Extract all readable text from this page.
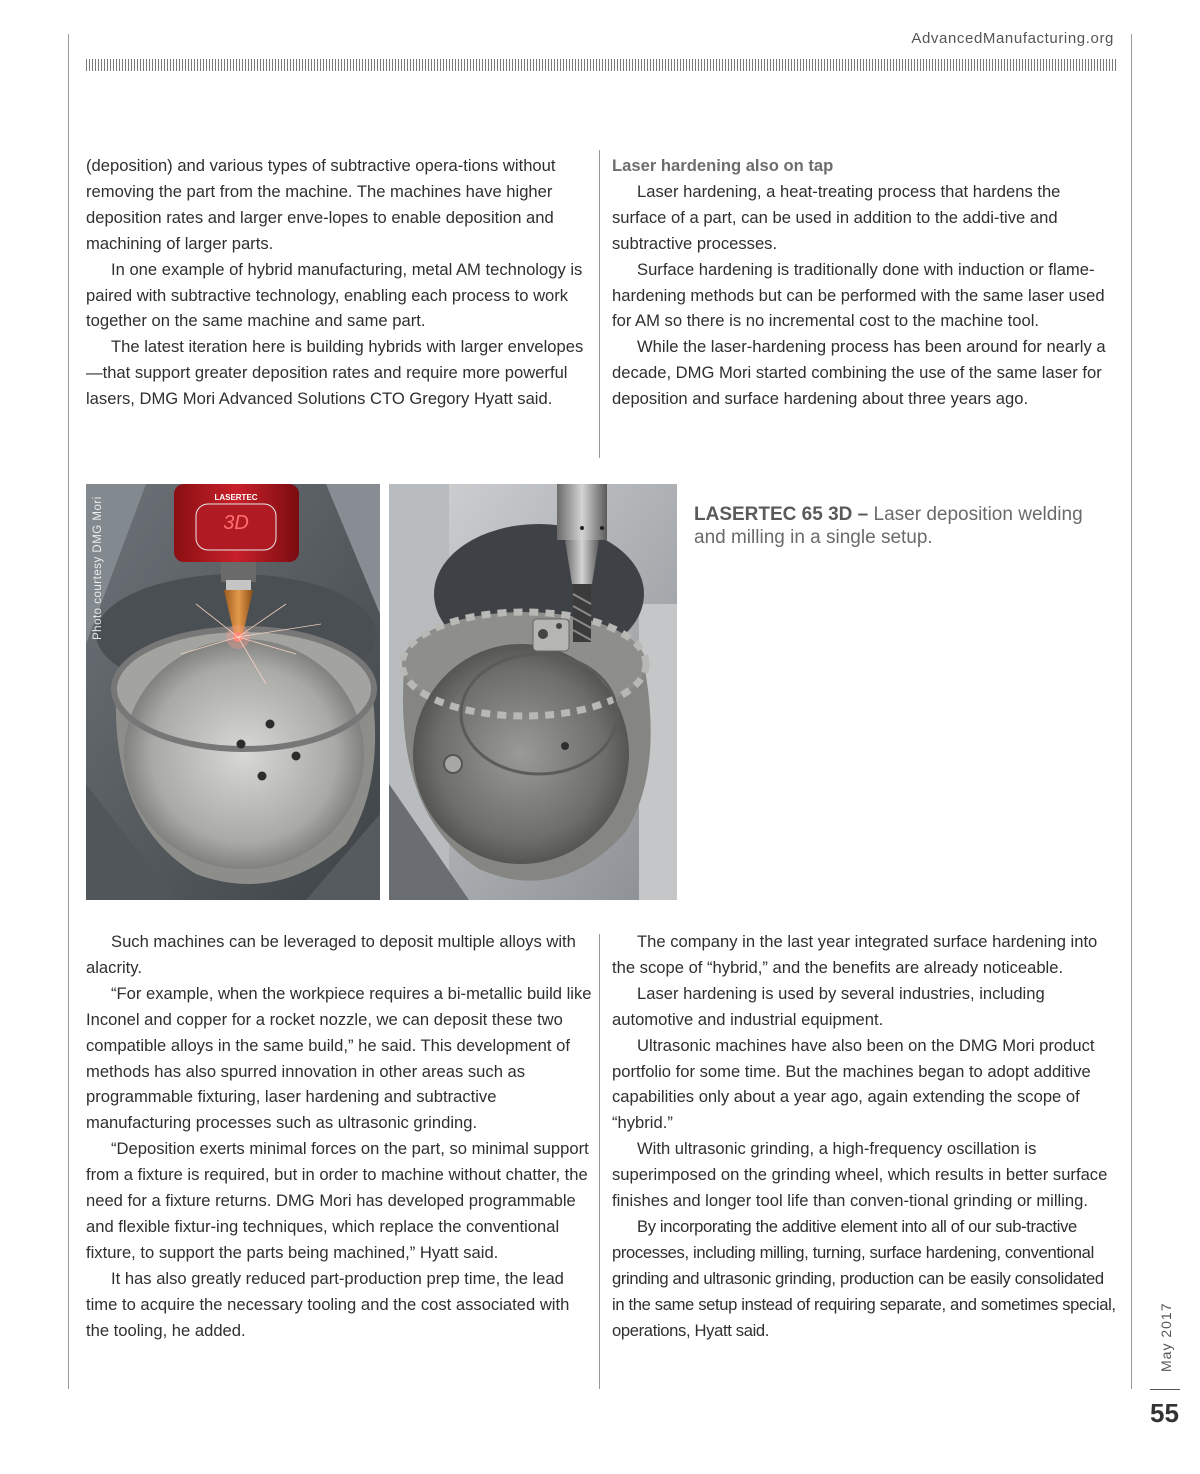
AdvancedManufacturing.org

(deposition) and various types of subtractive opera-tions without removing the part from the machine. The machines have higher deposition rates and larger enve-lopes to enable deposition and machining of larger parts.

In one example of hybrid manufacturing, metal AM technology is paired with subtractive technology, enabling each process to work together on the same machine and same part.

The latest iteration here is building hybrids with larger envelopes—that support greater deposition rates and require more powerful lasers, DMG Mori Advanced Solutions CTO Gregory Hyatt said.

Laser hardening also on tap

Laser hardening, a heat-treating process that hardens the surface of a part, can be used in addition to the addi-tive and subtractive processes.

Surface hardening is traditionally done with induction or flame-hardening methods but can be performed with the same laser used for AM so there is no incremental cost to the machine tool.

While the laser-hardening process has been around for nearly a decade, DMG Mori started combining the use of the same laser for deposition and surface hardening about three years ago.

LASERTEC
3D
Photo courtesy DMG Mori	LASERTEC 65 3D – Laser deposition welding and milling in a single setup.

Such machines can be leveraged to deposit multiple alloys with alacrity.

“For example, when the workpiece requires a bi-metallic build like Inconel and copper for a rocket nozzle, we can deposit these two compatible alloys in the same build,” he said. This development of methods has also spurred innovation in other areas such as programmable fixturing, laser hardening and subtractive manufacturing processes such as ultrasonic grinding.

“Deposition exerts minimal forces on the part, so minimal support from a fixture is required, but in order to machine without chatter, the need for a fixture returns. DMG Mori has developed programmable and flexible fixtur-ing techniques, which replace the conventional fixture, to support the parts being machined,” Hyatt said.

It has also greatly reduced part-production prep time, the lead time to acquire the necessary tooling and the cost associated with the tooling, he added.

The company in the last year integrated surface hardening into the scope of “hybrid,” and the benefits are already noticeable.

Laser hardening is used by several industries, including automotive and industrial equipment.

Ultrasonic machines have also been on the DMG Mori product portfolio for some time. But the machines began to adopt additive capabilities only about a year ago, again extending the scope of “hybrid.”

With ultrasonic grinding, a high-frequency oscillation is superimposed on the grinding wheel, which results in better surface finishes and longer tool life than conven-tional grinding or milling.

By incorporating the additive element into all of our sub-tractive processes, including milling, turning, surface hardening, conventional grinding and ultrasonic grinding, production can be easily consolidated in the same setup instead of requiring separate, and sometimes special, operations, Hyatt said.	May 2017
55
